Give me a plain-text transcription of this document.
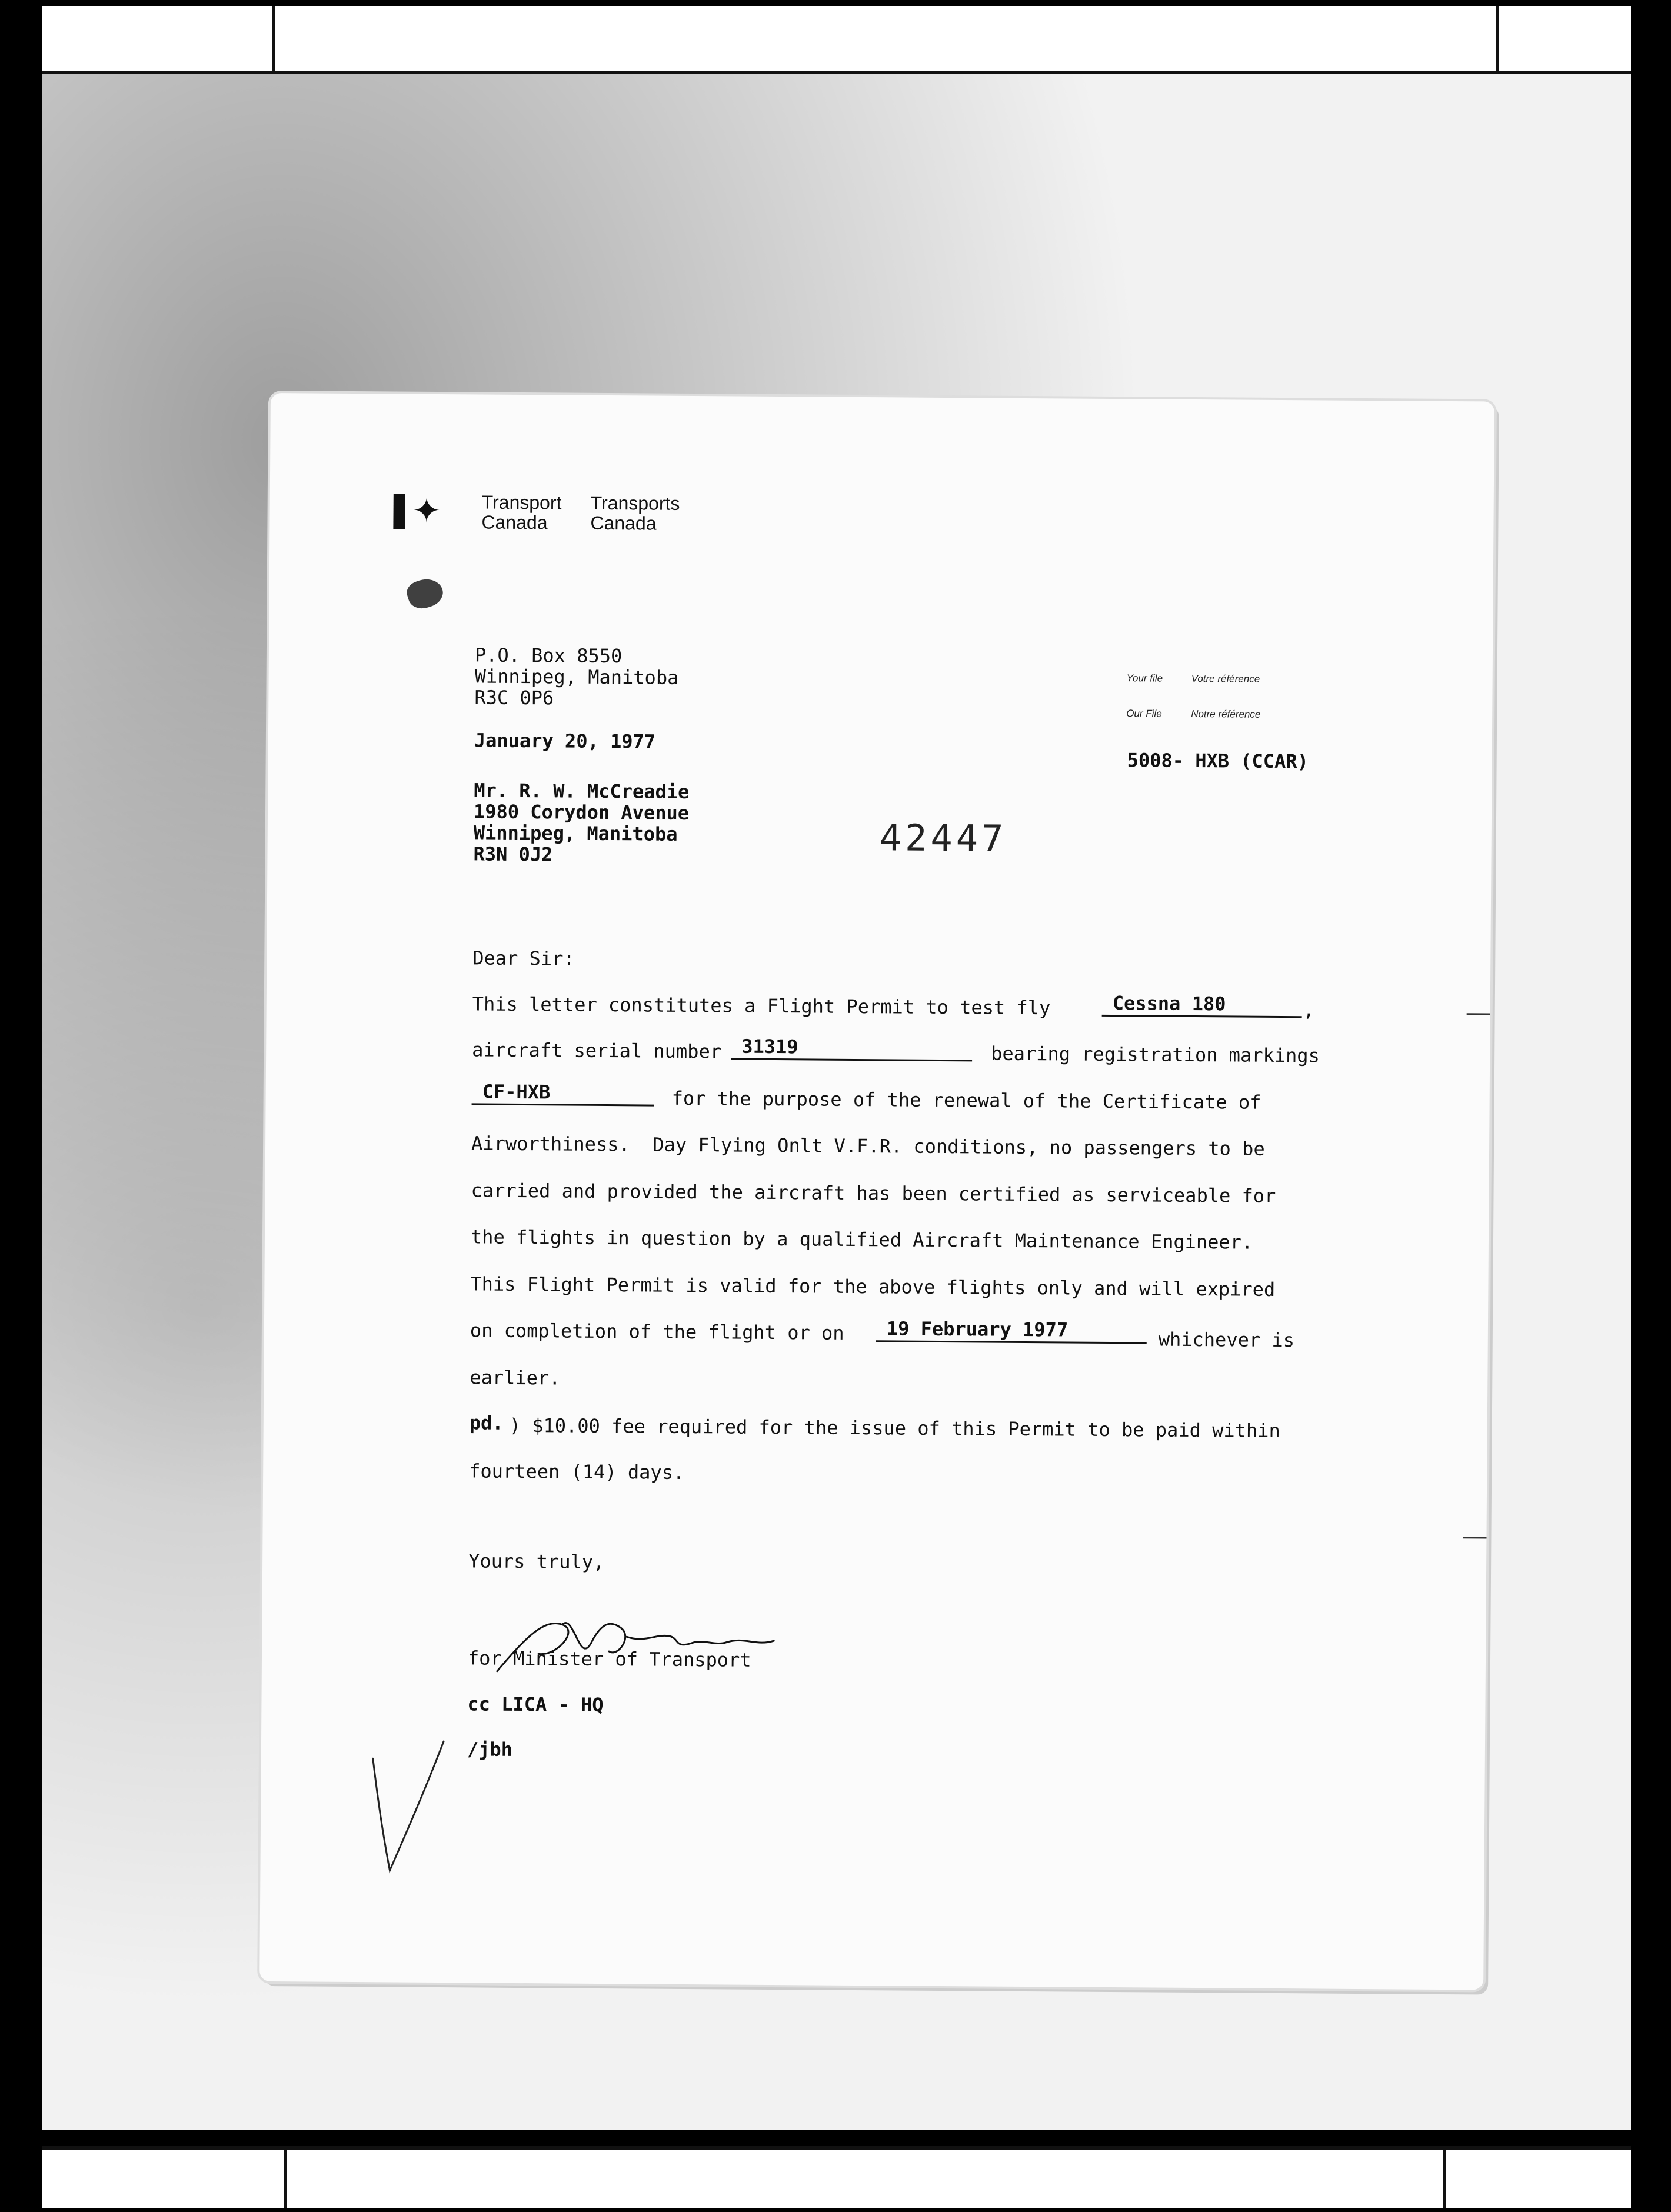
✦ Transport
Canada
Transports
Canada
P.O. Box 8550
Winnipeg, Manitoba
R3C 0P6
Your file	Votre référence
Our File	Notre référence
5008- HXB (CCAR)
January 20, 1977
Mr. R. W. McCreadie
1980 Corydon Avenue
Winnipeg, Manitoba
R3N 0J2	42447
Dear Sir:
This letter constitutes a Flight Permit to test fly	Cessna 180	,
aircraft serial number	31319	bearing registration markings
CF-HXB	for the purpose of the renewal of the Certificate of
Airworthiness.  Day Flying Onlt V.F.R. conditions, no passengers to be
carried and provided the aircraft has been certified as serviceable for
the flights in question by a qualified Aircraft Maintenance Engineer.
This Flight Permit is valid for the above flights only and will expired
on completion of the flight or on	19 February 1977	whichever is
earlier.
pd. ) $10.00 fee required for the issue of this Permit to be paid within
fourteen (14) days.
Yours truly,
for Minister of Transport
cc LICA - HQ
/jbh
